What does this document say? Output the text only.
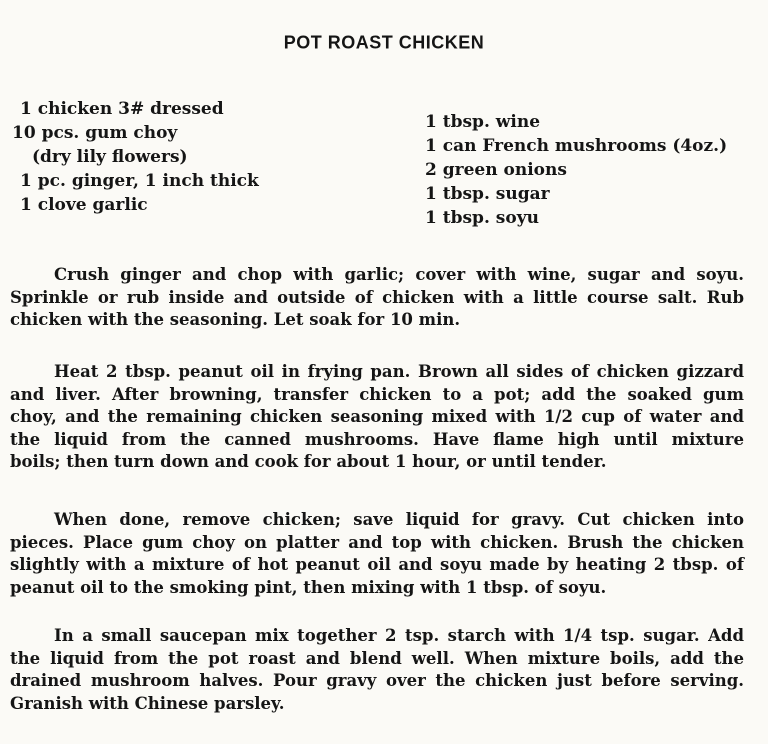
POT ROAST CHICKEN
1 chicken 3# dressed
10 pcs. gum choy
(dry lily flowers)
1 pc. ginger, 1 inch thick
1 clove garlic
1 tbsp. wine
1 can French mushrooms (4oz.)
2 green onions
1 tbsp. sugar
1 tbsp. soyu
Crush ginger and chop with garlic; cover with wine, sugar and soyu.
Sprinkle or rub inside and outside of chicken with a little course salt. Rub
chicken with the seasoning. Let soak for 10 min.
Heat 2 tbsp. peanut oil in frying pan. Brown all sides of chicken gizzard
and liver. After browning, transfer chicken to a pot; add the soaked gum
choy, and the remaining chicken seasoning mixed with 1/2 cup of water and
the liquid from the canned mushrooms. Have flame high until mixture
boils; then turn down and cook for about 1 hour, or until tender.
When done, remove chicken; save liquid for gravy. Cut chicken into
pieces. Place gum choy on platter and top with chicken. Brush the chicken
slightly with a mixture of hot peanut oil and soyu made by heating 2 tbsp. of
peanut oil to the smoking pint, then mixing with 1 tbsp. of soyu.
In a small saucepan mix together 2 tsp. starch with 1/4 tsp. sugar. Add
the liquid from the pot roast and blend well. When mixture boils, add the
drained mushroom halves. Pour gravy over the chicken just before serving.
Granish with Chinese parsley.
